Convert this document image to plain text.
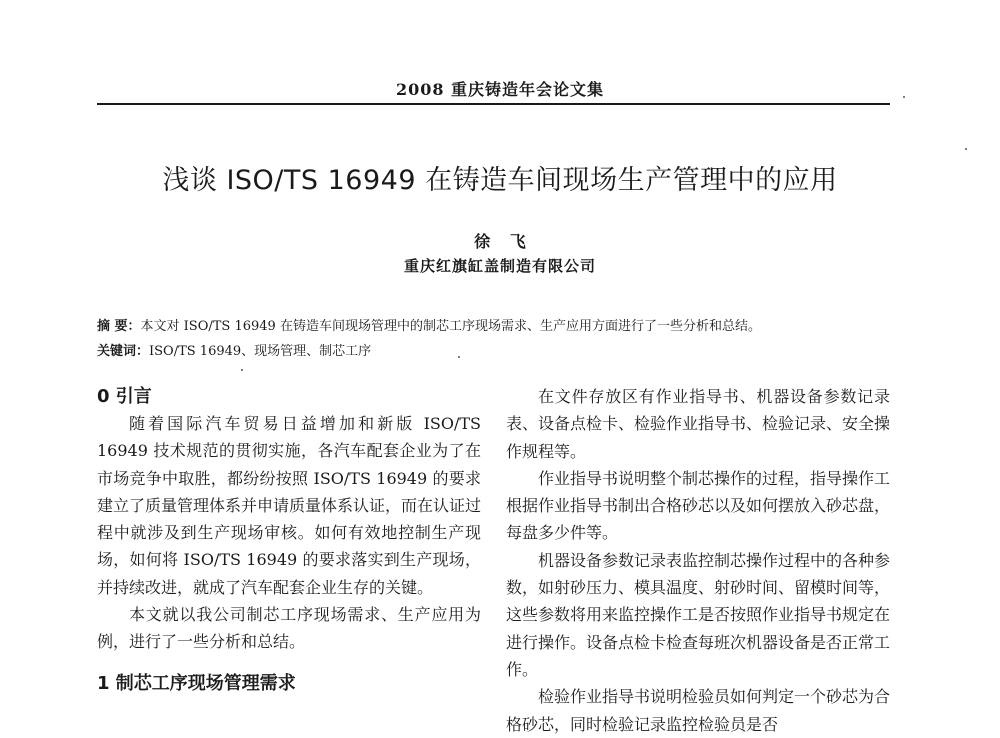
2008 重庆铸造年会论文集
浅谈 ISO/TS 16949 在铸造车间现场生产管理中的应用
徐 飞
重庆红旗缸盖制造有限公司
摘 要：本文对 ISO/TS 16949 在铸造车间现场管理中的制芯工序现场需求、生产应用方面进行了一些分析和总结。
关键词：ISO/TS 16949、现场管理、制芯工序
0 引言

随着国际汽车贸易日益增加和新版 ISO/TS 16949 技术规范的贯彻实施，各汽车配套企业为了在市场竞争中取胜，都纷纷按照 ISO/TS 16949 的要求建立了质量管理体系并申请质量体系认证，而在认证过程中就涉及到生产现场审核。如何有效地控制生产现场，如何将 ISO/TS 16949 的要求落实到生产现场，并持续改进，就成了汽车配套企业生存的关键。

本文就以我公司制芯工序现场需求、生产应用为例，进行了一些分析和总结。

1 制芯工序现场管理需求

在文件存放区有作业指导书、机器设备参数记录表、设备点检卡、检验作业指导书、检验记录、安全操作规程等。

作业指导书说明整个制芯操作的过程，指导操作工根据作业指导书制出合格砂芯以及如何摆放入砂芯盘，每盘多少件等。

机器设备参数记录表监控制芯操作过程中的各种参数，如射砂压力、模具温度、射砂时间、留模时间等，这些参数将用来监控操作工是否按照作业指导书规定在进行操作。设备点检卡检查每班次机器设备是否正常工作。

检验作业指导书说明检验员如何判定一个砂芯为合格砂芯，同时检验记录监控检验员是否
